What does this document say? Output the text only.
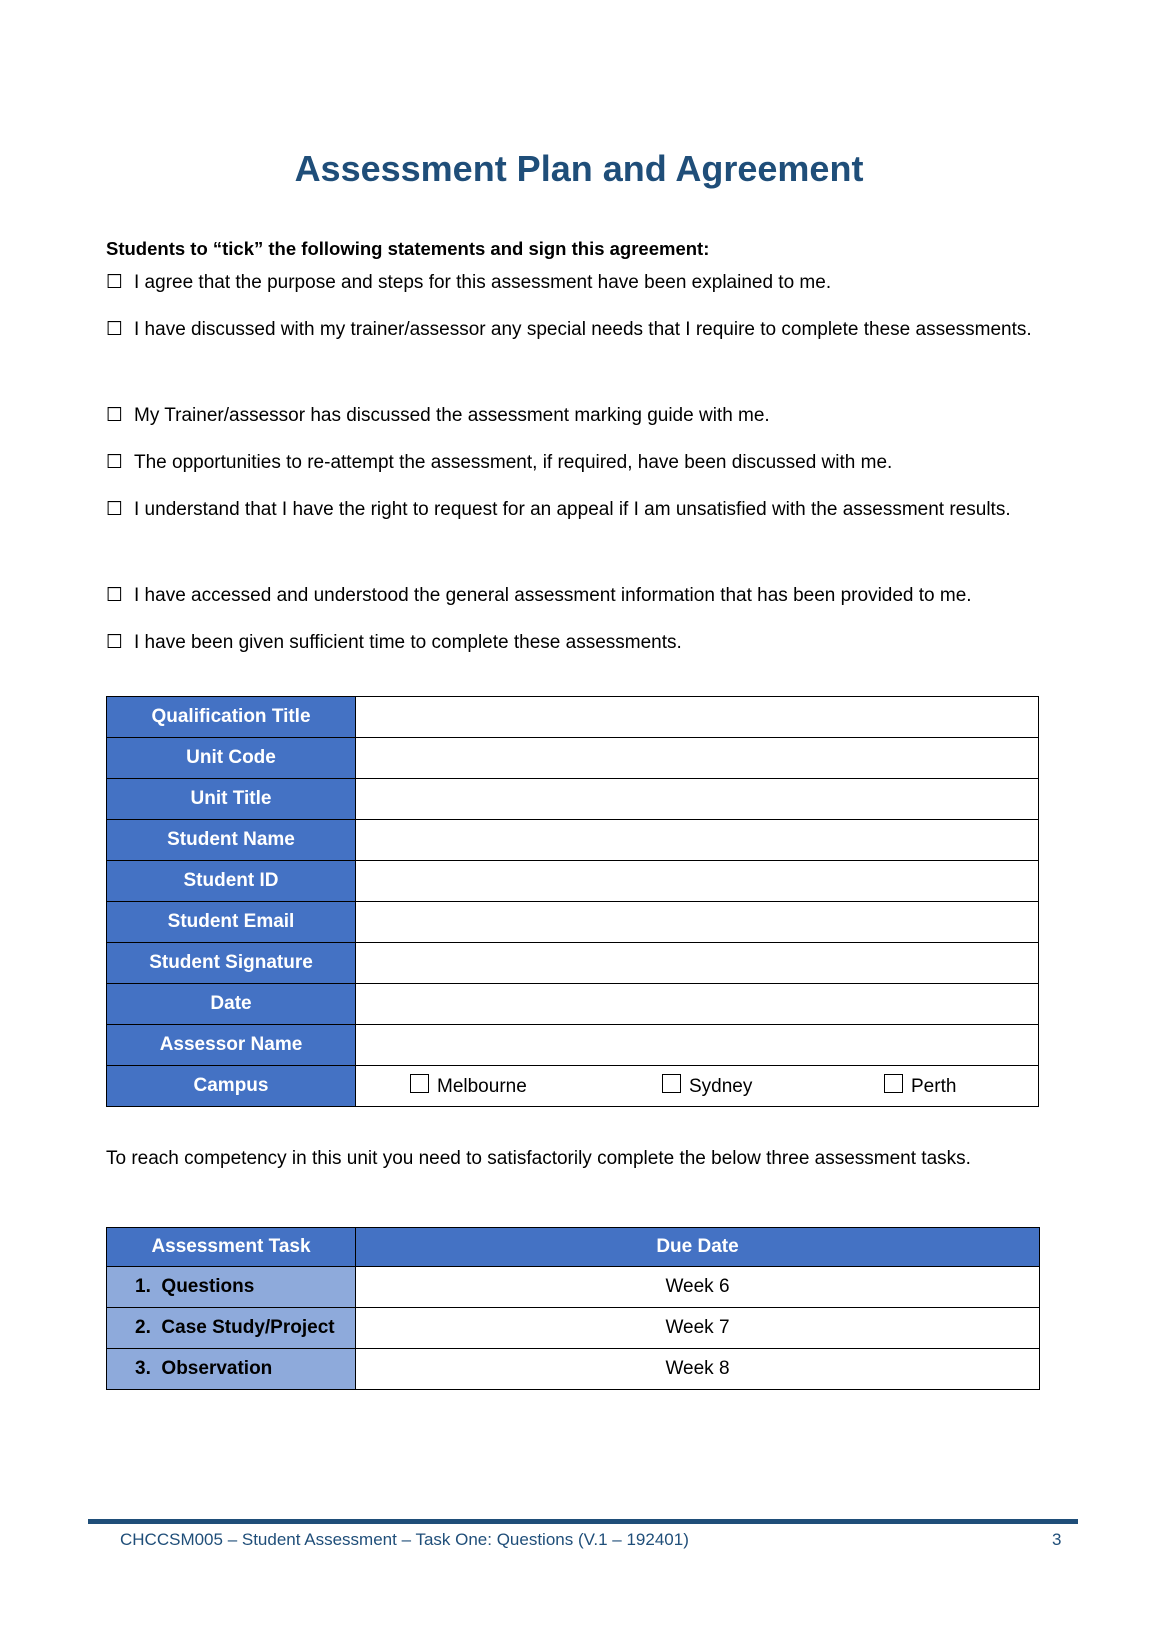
Assessment Plan and Agreement

Students to “tick” the following statements and sign this agreement:

☐ I agree that the purpose and steps for this assessment have been explained to me.
☐ I have discussed with my trainer/assessor any special needs that I require to complete these assessments.
☐ My Trainer/assessor has discussed the assessment marking guide with me.
☐ The opportunities to re-attempt the assessment, if required, have been discussed with me.
☐ I understand that I have the right to request for an appeal if I am unsatisfied with the assessment results.
☐ I have accessed and understood the general assessment information that has been provided to me.
☐ I have been given sufficient time to complete these assessments.
Qualification Title	
Unit Code	
Unit Title	
Student Name	
Student ID	
Student Email	
Student Signature	
Date	
Assessor Name	
Campus	Melbourne Sydney Perth

To reach competency in this unit you need to satisfactorily complete the below three assessment tasks.

Assessment Task	Due Date
1. Questions	Week 6
2. Case Study/Project	Week 7
3. Observation	Week 8

CHCCSM005 – Student Assessment – Task One: Questions (V.1 – 192401)	3
